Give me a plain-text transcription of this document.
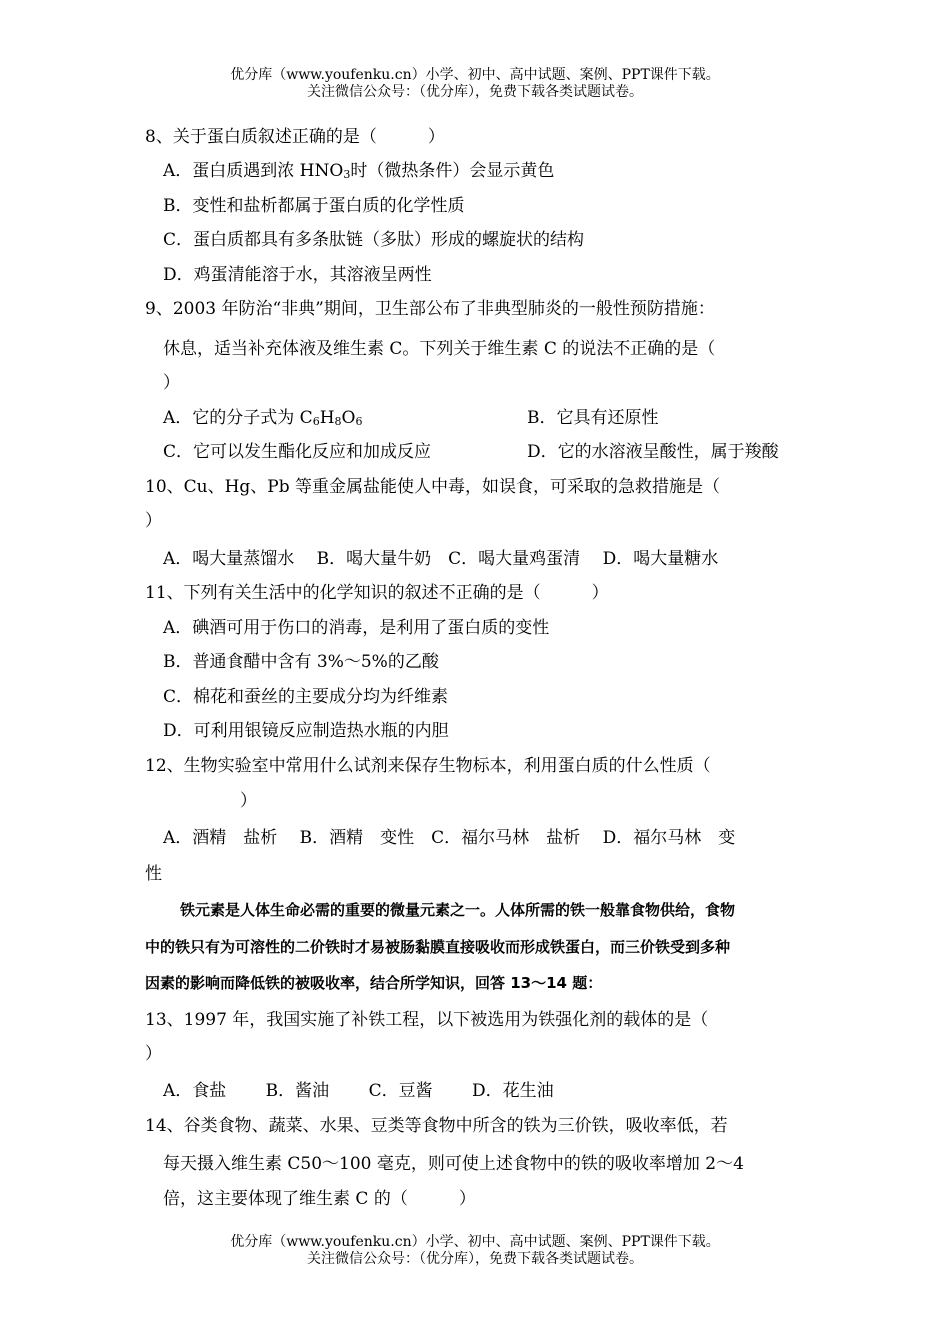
优分库（www.youfenku.cn）小学、初中、高中试题、案例、PPT课件下载。
关注微信公众号：（优分库），免费下载各类试题试卷。
8、关于蛋白质叙述正确的是（　　　）
A．蛋白质遇到浓 $HNO_3$时（微热条件）会显示黄色
B．变性和盐析都属于蛋白质的化学性质
C．蛋白质都具有多条肽链（多肽）形成的螺旋状的结构
D．鸡蛋清能溶于水，其溶液呈两性
9、2003 年防治“非典”期间，卫生部公布了非典型肺炎的一般性预防措施：
休息，适当补充体液及维生素 C。下列关于维生素 C 的说法不正确的是（
）
A．它的分子式为 $C_6H_8O_6$	B．它具有还原性
C．它可以发生酯化反应和加成反应	D．它的水溶液呈酸性，属于羧酸
10、Cu、Hg、Pb 等重金属盐能使人中毒，如误食，可采取的急救措施是（
）
A．喝大量蒸馏水　 B．喝大量牛奶　C．喝大量鸡蛋清　 D．喝大量糖水
11、下列有关生活中的化学知识的叙述不正确的是（　　　）
A．碘酒可用于伤口的消毒，是利用了蛋白质的变性
B．普通食醋中含有 3%～5%的乙酸
C．棉花和蚕丝的主要成分均为纤维素
D．可利用银镜反应制造热水瓶的内胆
12、生物实验室中常用什么试剂来保存生物标本，利用蛋白质的什么性质（
）
A．酒精　盐析　 B．酒精　变性　C．福尔马林　盐析　 D．福尔马林　变
性
铁元素是人体生命必需的重要的微量元素之一。人体所需的铁一般靠食物供给，食物
中的铁只有为可溶性的二价铁时才易被肠黏膜直接吸收而形成铁蛋白，而三价铁受到多种
因素的影响而降低铁的被吸收率，结合所学知识，回答 13～14 题：
13、1997 年，我国实施了补铁工程，以下被选用为铁强化剂的载体的是（
）
A．食盐　　 B．酱油　　 C．豆酱　　 D．花生油
14、谷类食物、蔬菜、水果、豆类等食物中所含的铁为三价铁，吸收率低，若
每天摄入维生素 C50～100 毫克，则可使上述食物中的铁的吸收率增加 2～4
倍，这主要体现了维生素 C 的（　　　）
优分库（www.youfenku.cn）小学、初中、高中试题、案例、PPT课件下载。
关注微信公众号：（优分库），免费下载各类试题试卷。
